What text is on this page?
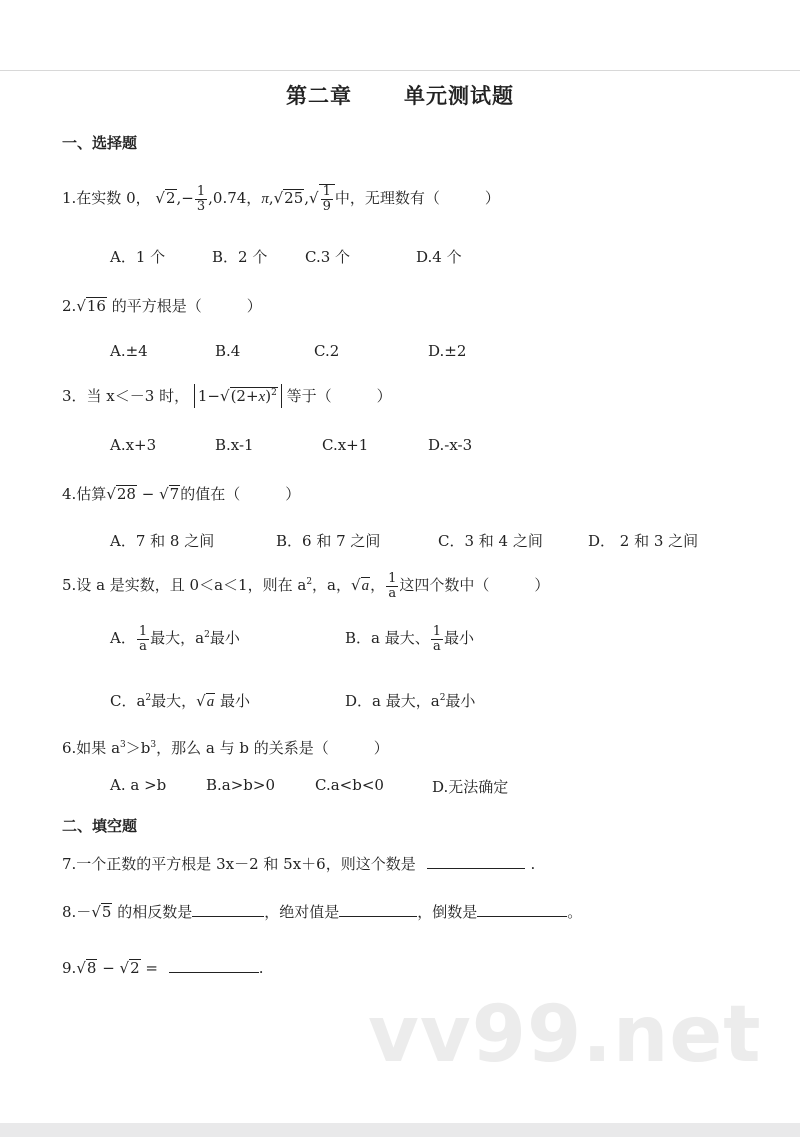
第二章 单元测试题
一、选择题
1.在实数 0， $√2,- \frac{1}{3} ,0.74$，$\pi,√25,√ \frac{1}{9}$ 中，无理数有（　　　）
A．1 个	B．2 个	C.3 个	D.4 个
2.√16 的平方根是（　　　）
A.±4	B.4	C.2	D.±2
3．当 x＜－3 时， $1-√(2+x)^2$ 等于（　　　）
A.x+3	B.x-1	C.x+1	D.-x-3
4.估算√28 − √7的值在（　　　）
A．7 和 8 之间	B．6 和 7 之间	C．3 和 4 之间	D． 2 和 3 之间
5.设 a 是实数，且 0＜a＜1，则在 $a^2$，a，√a， $\frac{1}{a}$ 这四个数中（　　　）
A． $\frac{1}{a}$ 最大，$a^2$最小	B．a 最大、 $\frac{1}{a}$ 最小
C．$a^2$最大，√a 最小	D．a 最大，$a^2$最小
6.如果 $a^3>b^3$，那么 a 与 b 的关系是（　　　）
A. a >b	B.a>b>0	C.a<b<0	D.无法确定
二、填空题
7.一个正数的平方根是 3x－2 和 5x＋6，则这个数是	.
8.－√5 的相反数是	，绝对值是	，倒数是	。
9.√8 − √2 =	.
vv99.net
